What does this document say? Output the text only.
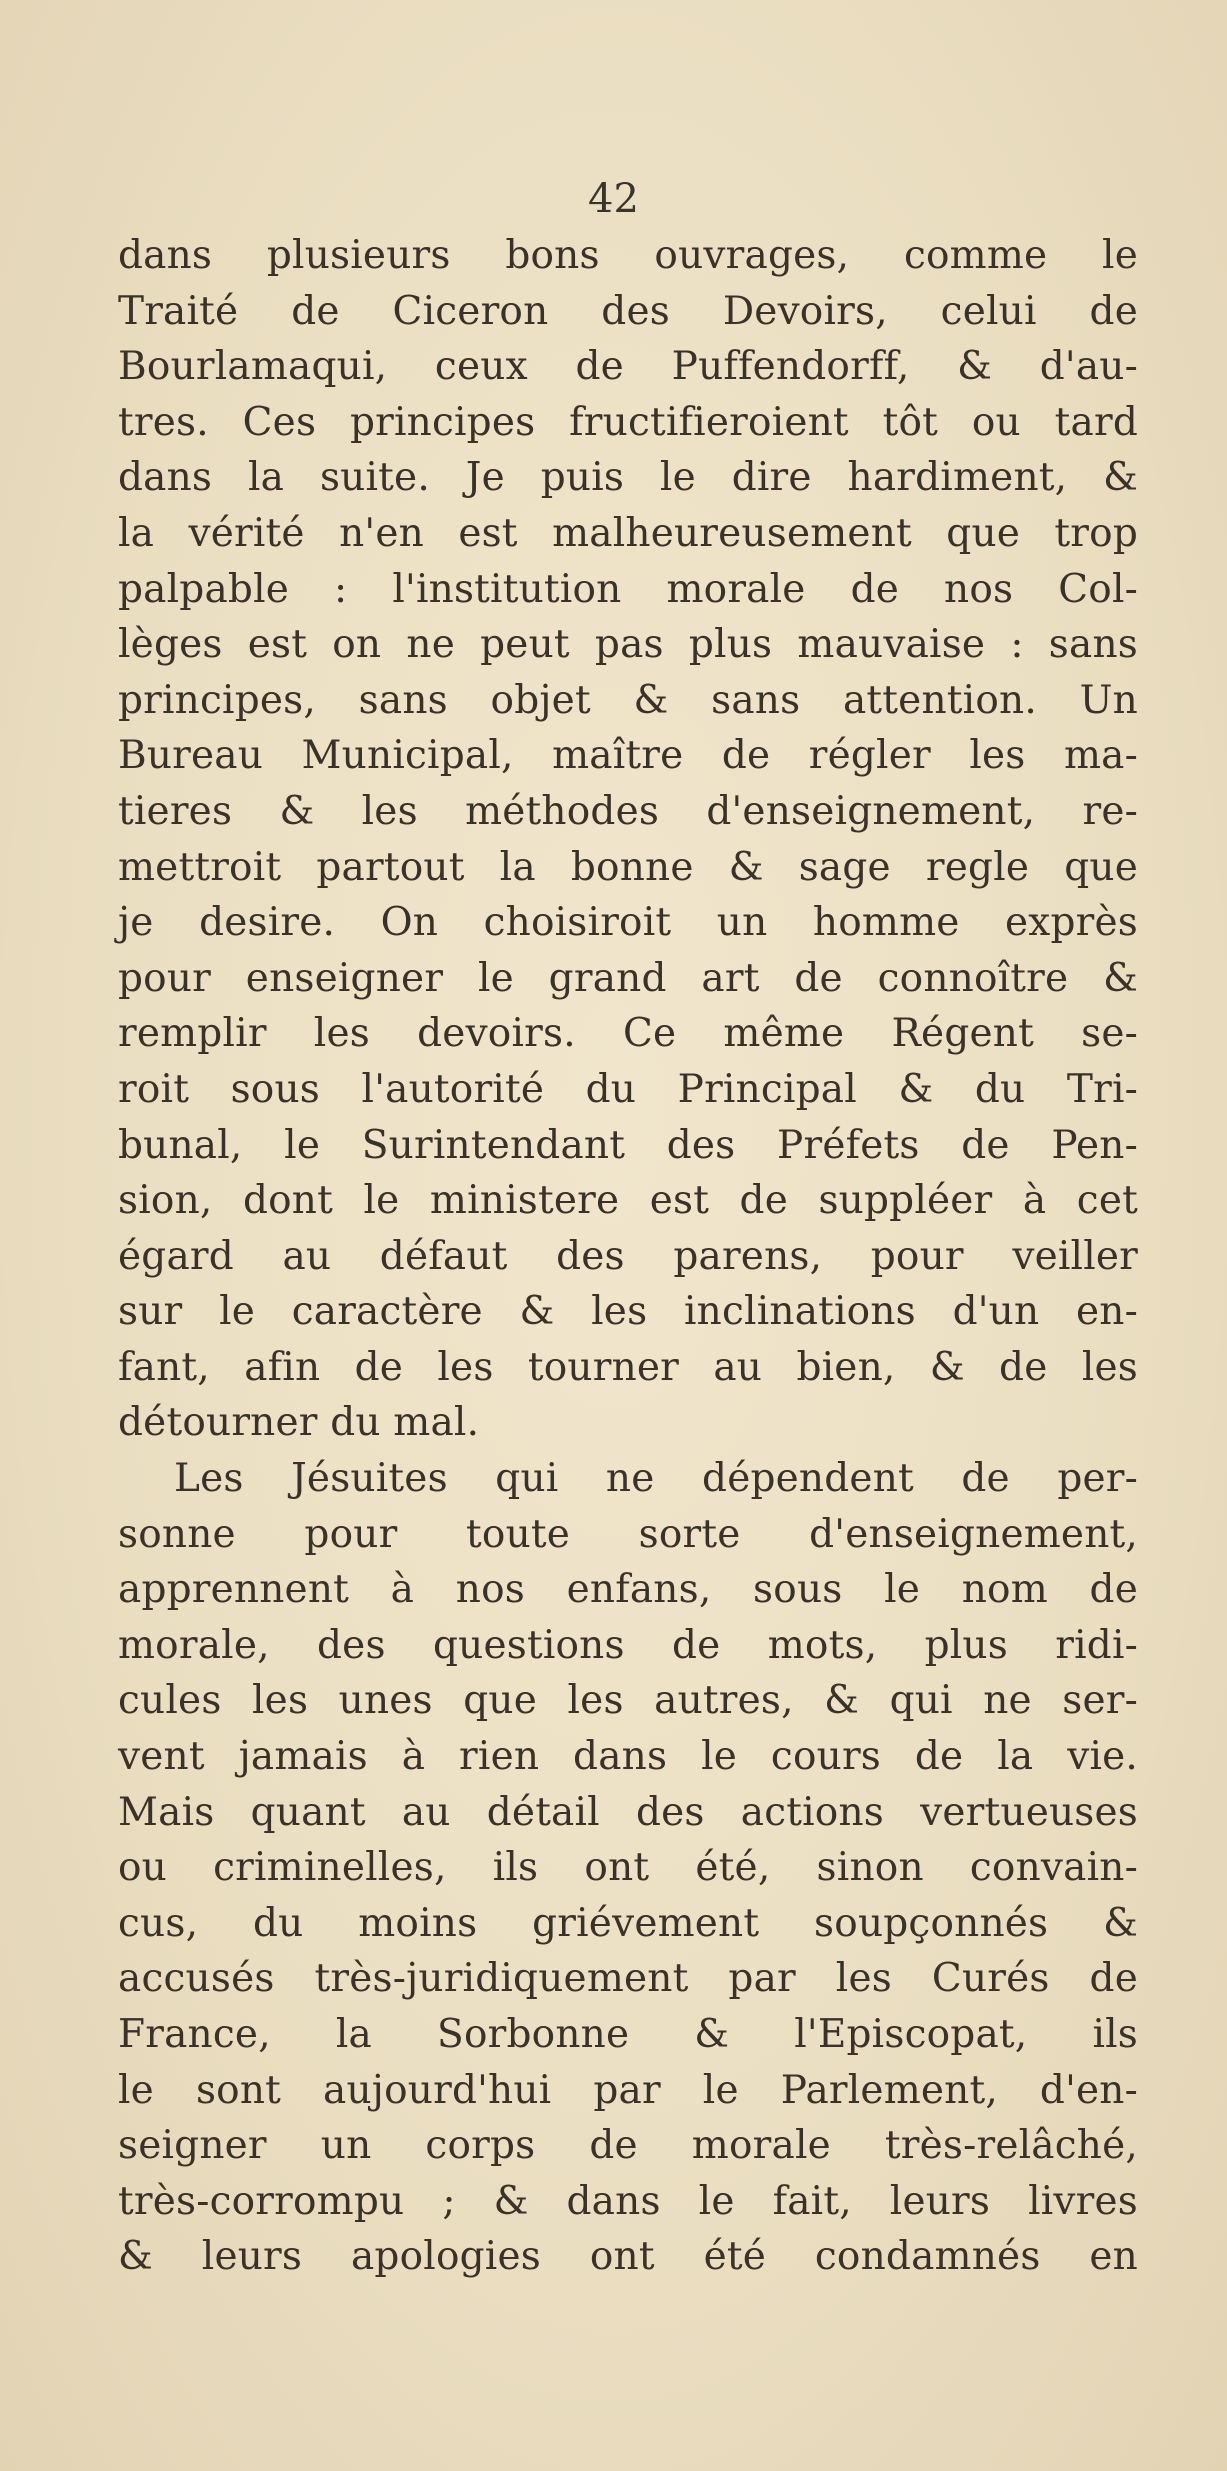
42
dans plusieurs bons ouvrages, comme le
Traité de Ciceron des Devoirs, celui de
Bourlamaqui, ceux de Puffendorff, & d'au-
tres. Ces principes fructifieroient tôt ou tard
dans la suite. Je puis le dire hardiment, &
la vérité n'en est malheureusement que trop
palpable : l'institution morale de nos Col-
lèges est on ne peut pas plus mauvaise : sans
principes, sans objet & sans attention. Un
Bureau Municipal, maître de régler les ma-
tieres & les méthodes d'enseignement, re-
mettroit partout la bonne & sage regle que
je desire. On choisiroit un homme exprès
pour enseigner le grand art de connoître &
remplir les devoirs. Ce même Régent se-
roit sous l'autorité du Principal & du Tri-
bunal, le Surintendant des Préfets de Pen-
sion, dont le ministere est de suppléer à cet
égard au défaut des parens, pour veiller
sur le caractère & les inclinations d'un en-
fant, afin de les tourner au bien, & de les
détourner du mal.
Les Jésuites qui ne dépendent de per-
sonne pour toute sorte d'enseignement,
apprennent à nos enfans, sous le nom de
morale, des questions de mots, plus ridi-
cules les unes que les autres, & qui ne ser-
vent jamais à rien dans le cours de la vie.
Mais quant au détail des actions vertueuses
ou criminelles, ils ont été, sinon convain-
cus, du moins griévement soupçonnés &
accusés très-juridiquement par les Curés de
France, la Sorbonne & l'Episcopat, ils
le sont aujourd'hui par le Parlement, d'en-
seigner un corps de morale très-relâché,
très-corrompu ; & dans le fait, leurs livres
& leurs apologies ont été condamnés en
